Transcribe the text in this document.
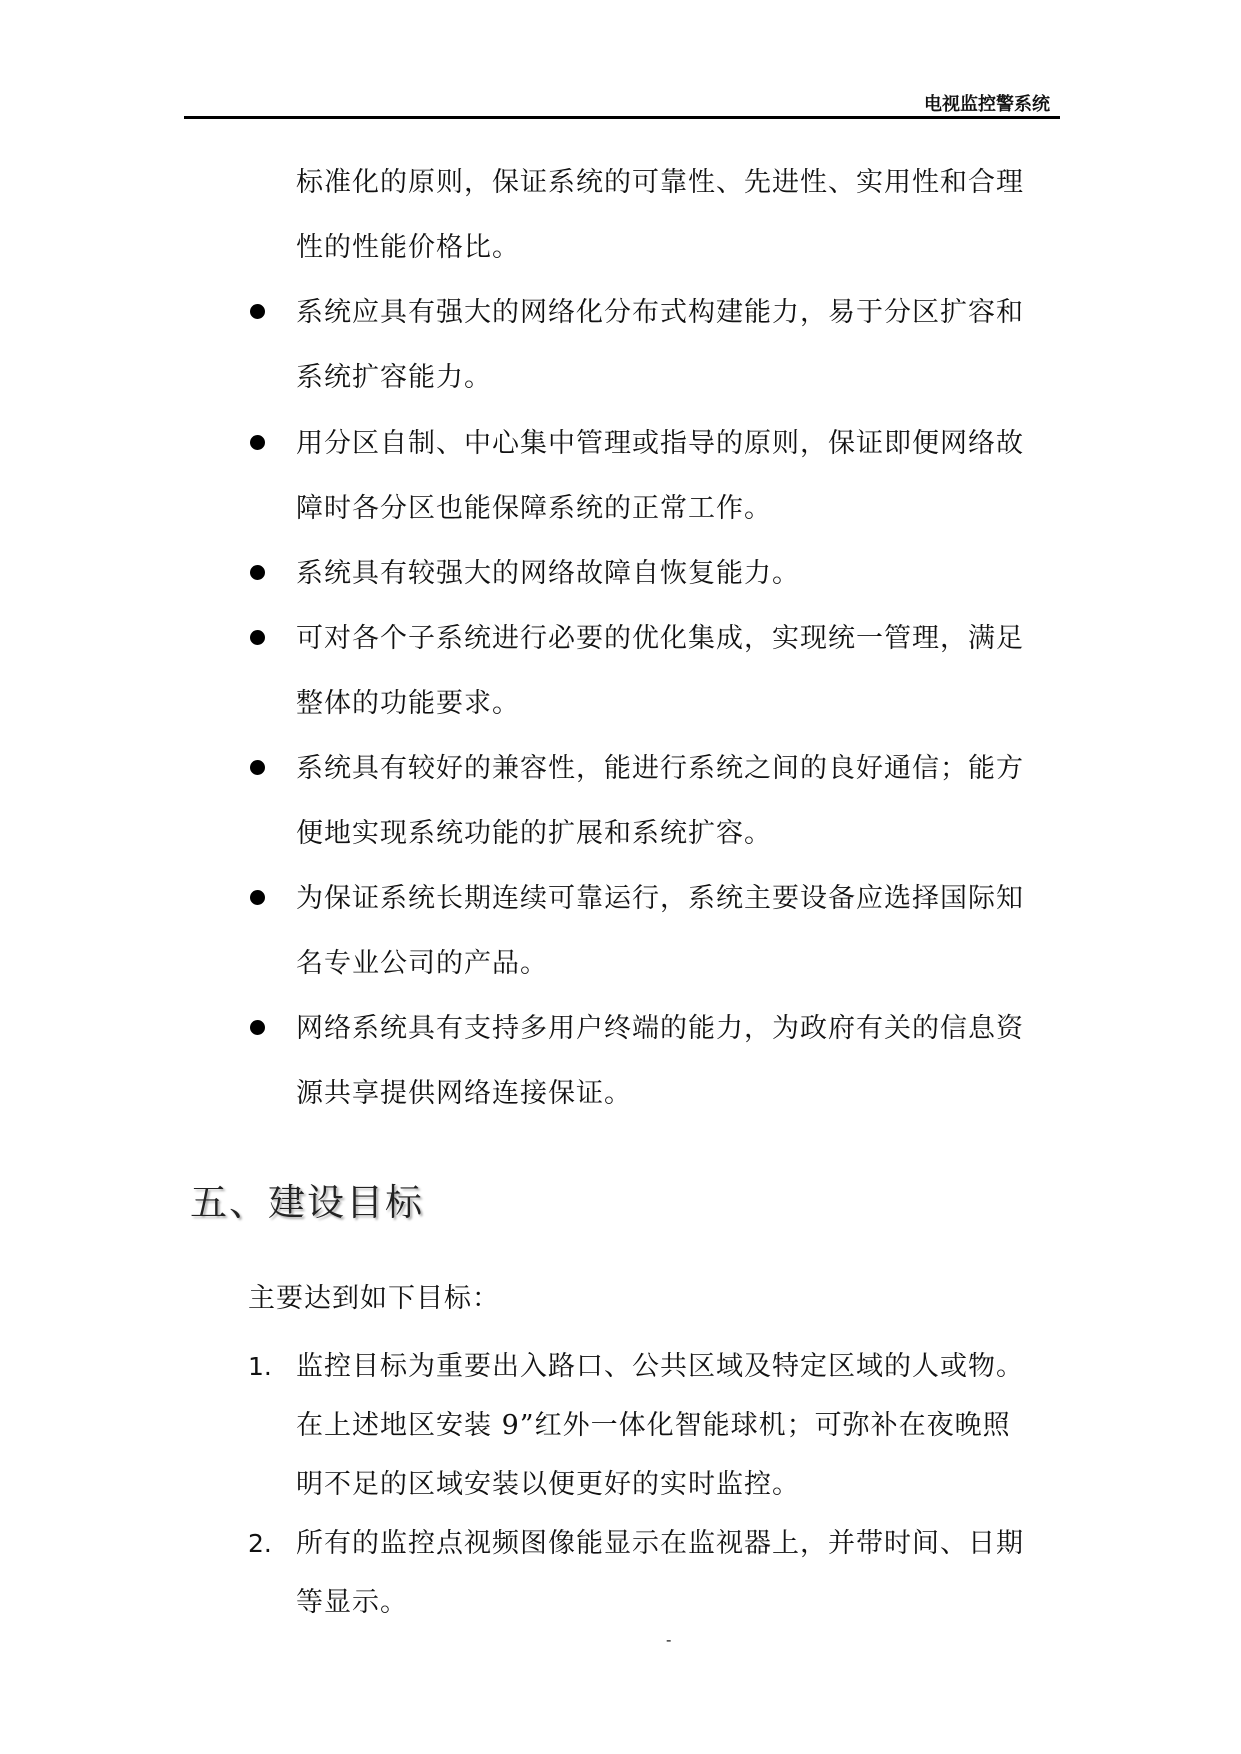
电视监控警系统
标准化的原则，保证系统的可靠性、先进性、实用性和合理
性的性能价格比。
系统应具有强大的网络化分布式构建能力，易于分区扩容和
系统扩容能力。
用分区自制、中心集中管理或指导的原则，保证即便网络故
障时各分区也能保障系统的正常工作。
系统具有较强大的网络故障自恢复能力。
可对各个子系统进行必要的优化集成，实现统一管理，满足
整体的功能要求。
系统具有较好的兼容性，能进行系统之间的良好通信；能方
便地实现系统功能的扩展和系统扩容。
为保证系统长期连续可靠运行，系统主要设备应选择国际知
名专业公司的产品。
网络系统具有支持多用户终端的能力，为政府有关的信息资
源共享提供网络连接保证。
五、建设目标
主要达到如下目标：
1. 监控目标为重要出入路口、公共区域及特定区域的人或物。
在上述地区安装 9”红外一体化智能球机；可弥补在夜晚照
明不足的区域安装以便更好的实时监控。
2. 所有的监控点视频图像能显示在监视器上，并带时间、日期
等显示。
-
